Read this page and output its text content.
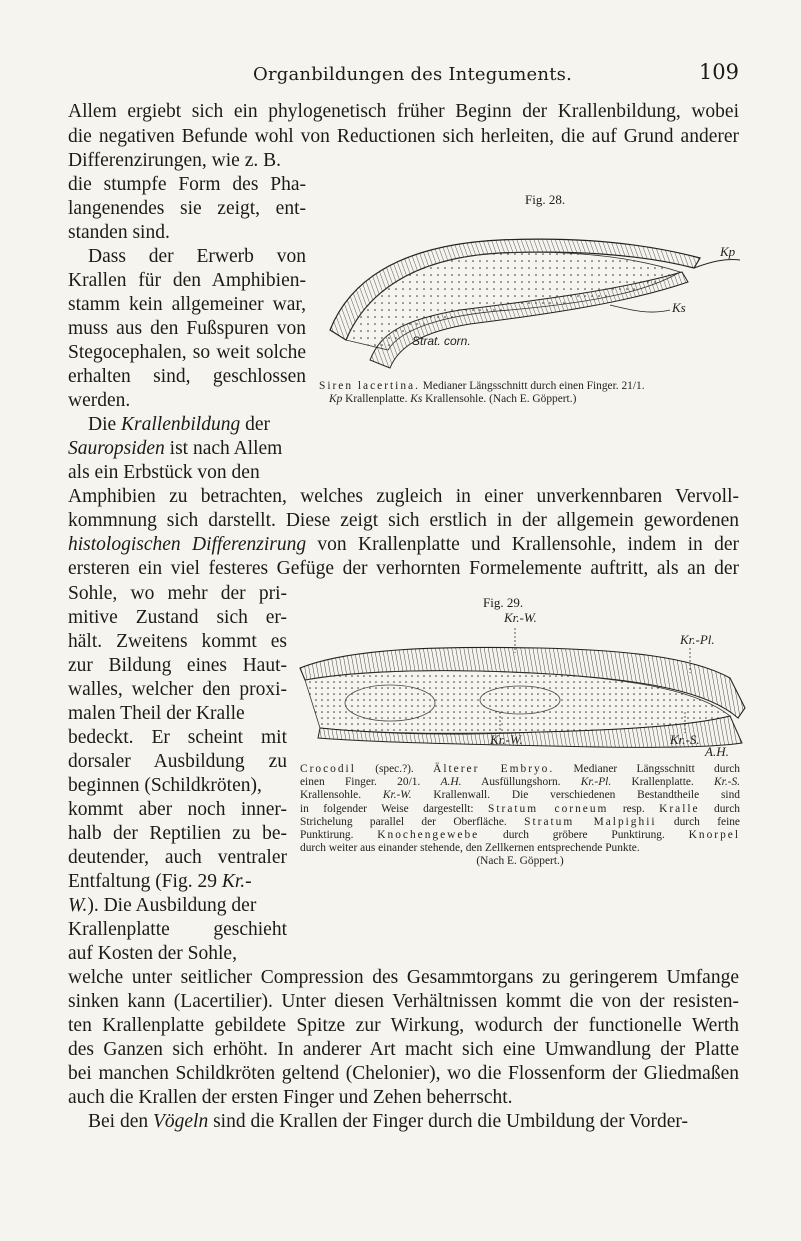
Organbildungen des Integuments.	109
Allem ergiebt sich ein phylogenetisch früher Beginn der Krallenbildung, wobei
die negativen Befunde wohl von Reductionen sich herleiten, die auf Grund anderer
Differenzirungen, wie z. B.
die stumpfe Form des Pha-
langenendes sie zeigt, ent-
standen sind.
Dass der Erwerb von
Krallen für den Amphibien-
stamm kein allgemeiner war,
muss aus den Fußspuren von
Stegocephalen, so weit solche
erhalten sind, geschlossen
werden.
Die Krallenbildung der
Sauropsiden ist nach Allem
als ein Erbstück von den
Amphibien zu betrachten, welches zugleich in einer unverkennbaren Vervoll-
kommnung sich darstellt. Diese zeigt sich erstlich in der allgemein gewordenen
histologischen Differenzirung von Krallenplatte und Krallensohle, indem in der
ersteren ein viel festeres Gefüge der verhornten Formelemente auftritt, als an der
Sohle, wo mehr der pri-
mitive Zustand sich er-
hält. Zweitens kommt es
zur Bildung eines Haut-
walles, welcher den proxi-
malen Theil der Kralle
bedeckt. Er scheint mit
dorsaler Ausbildung zu
beginnen (Schildkröten),
kommt aber noch inner-
halb der Reptilien zu be-
deutender, auch ventraler
Entfaltung (Fig. 29 Kr.-
W.). Die Ausbildung der
Krallenplatte geschieht
auf Kosten der Sohle,
welche unter seitlicher Compression des Gesammtorgans zu geringerem Umfange
sinken kann (Lacertilier). Unter diesen Verhältnissen kommt die von der resisten-
ten Krallenplatte gebildete Spitze zur Wirkung, wodurch der functionelle Werth
des Ganzen sich erhöht. In anderer Art macht sich eine Umwandlung der Platte
bei manchen Schildkröten geltend (Chelonier), wo die Flossenform der Gliedmaßen
auch die Krallen der ersten Finger und Zehen beherrscht.
Bei den Vögeln sind die Krallen der Finger durch die Umbildung der Vorder-
Fig. 28.
Kp
Ks
Strat. corn.
Siren lacertina. Medianer Längsschnitt durch einen Finger. 21/1.
Kp Krallenplatte. Ks Krallensohle. (Nach E. Göppert.)
Fig. 29.
Kr.-W.
Kr.-Pl.
Kr.-W.	Kr.-S.
A.H.
Crocodil (spec.?). Älterer Embryo. Medianer Längsschnitt durch
einen Finger. 20/1. A.H. Ausfüllungshorn. Kr.-Pl. Krallenplatte. Kr.-S.
Krallensohle. Kr.-W. Krallenwall. Die verschiedenen Bestandtheile sind
in folgender Weise dargestellt: Stratum corneum resp. Kralle durch
Strichelung parallel der Oberfläche. Stratum Malpighii durch feine
Punktirung. Knochengewebe durch gröbere Punktirung. Knorpel
durch weiter aus einander stehende, den Zellkernen entsprechende Punkte.
(Nach E. Göppert.)
